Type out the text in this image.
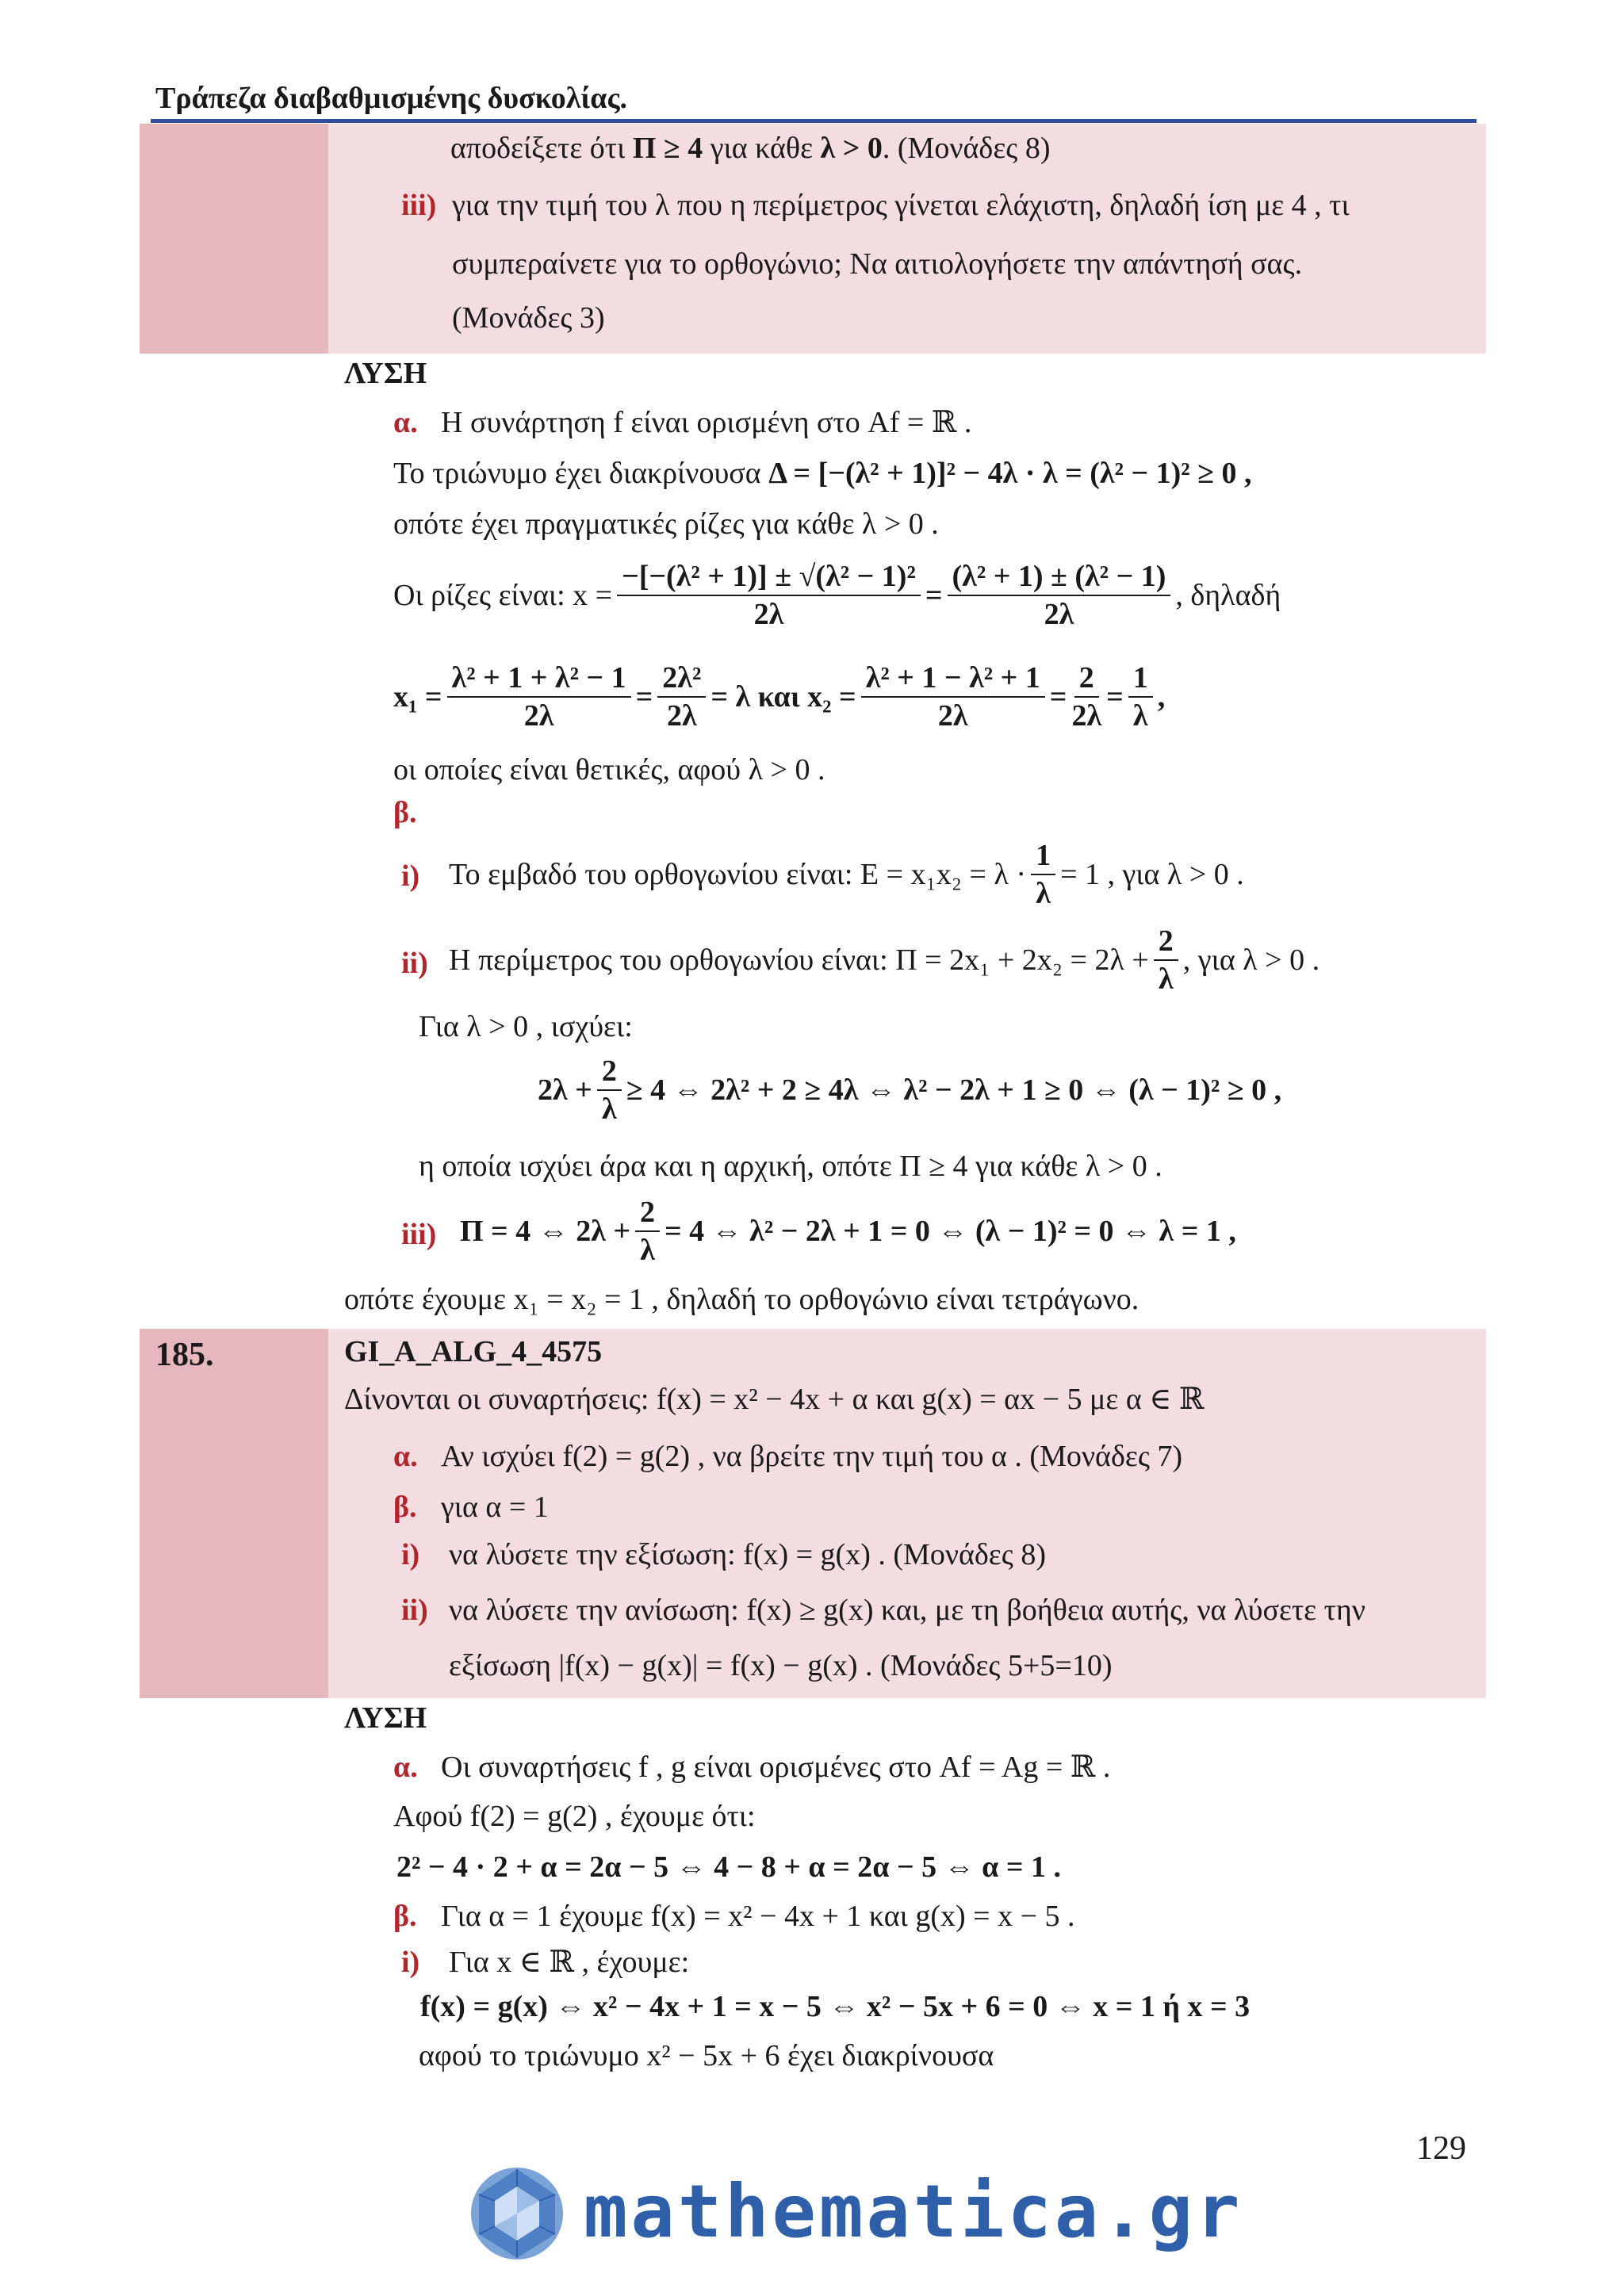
Τράπεζα διαβαθμισμένης δυσκολίας.
αποδείξετε ότι Π ≥ 4 για κάθε λ > 0. (Μονάδες 8)
iii) για την τιμή του λ που η περίμετρος γίνεται ελάχιστη, δηλαδή ίση με 4 , τι
συμπεραίνετε για το ορθογώνιο; Να αιτιολογήσετε την απάντησή σας.
(Μονάδες 3)
ΛΥΣΗ
α. Η συνάρτηση f είναι ορισμένη στο Af = ℝ .
Το τριώνυμο έχει διακρίνουσα Δ = [−(λ² + 1)]² − 4λ · λ = (λ² − 1)² ≥ 0 ,
οπότε έχει πραγματικές ρίζες για κάθε λ > 0 .
Οι ρίζες είναι: $x = \frac{\text{−[−(λ² + 1)] ± √(λ² − 1)²}}{2\lambda} = \frac{\text{(λ² + 1) ± (λ² − 1)}}{2\lambda}$ , δηλαδή
$x_1 = \frac{\text{λ² + 1 + λ² − 1}}{2\lambda} = \frac{\text{2λ²}}{2\lambda} = \lambda$ και $x_2 = \frac{\text{λ² + 1 − λ² + 1}}{2\lambda} = \frac{2}{2\lambda} = \frac{1}{\lambda}$ ,
οι οποίες είναι θετικές, αφού λ > 0 .
β.
i) Το εμβαδό του ορθογωνίου είναι: $E = x_1x_2 = \lambda \cdot \frac{1}{\lambda} = 1$ , για λ > 0 .
ii) Η περίμετρος του ορθογωνίου είναι: $\Pi = 2x_1 + 2x_2 = 2\lambda + \frac{2}{\lambda}$ , για λ > 0 .
Για λ > 0 , ισχύει:
$2\lambda + \frac{2}{\lambda} \ge 4$ ⇔ 2λ² + 2 ≥ 4λ ⇔ λ² − 2λ + 1 ≥ 0 ⇔ (λ − 1)² ≥ 0 ,
η οποία ισχύει άρα και η αρχική, οπότε Π ≥ 4 για κάθε λ > 0 .
iii) Π = 4 ⇔ $2\lambda + \frac{2}{\lambda} = 4$ ⇔ λ² − 2λ + 1 = 0 ⇔ (λ − 1)² = 0 ⇔ λ = 1 ,
οπότε έχουμε x₁ = x₂ = 1 , δηλαδή το ορθογώνιο είναι τετράγωνο.
185.	GI_A_ALG_4_4575
Δίνονται οι συναρτήσεις: f(x) = x² − 4x + α και g(x) = αx − 5 με α ∈ ℝ
α. Αν ισχύει f(2) = g(2) , να βρείτε την τιμή του α . (Μονάδες 7)
β. για α = 1
i) να λύσετε την εξίσωση: f(x) = g(x) . (Μονάδες 8)
ii) να λύσετε την ανίσωση: f(x) ≥ g(x) και, με τη βοήθεια αυτής, να λύσετε την
εξίσωση |f(x) − g(x)| = f(x) − g(x) . (Μονάδες 5+5=10)
ΛΥΣΗ
α. Οι συναρτήσεις f , g είναι ορισμένες στο Af = Ag = ℝ .
Αφού f(2) = g(2) , έχουμε ότι:
2² − 4 · 2 + α = 2α − 5 ⇔ 4 − 8 + α = 2α − 5 ⇔ α = 1 .
β. Για α = 1 έχουμε f(x) = x² − 4x + 1 και g(x) = x − 5 .
i) Για x ∈ ℝ , έχουμε:
f(x) = g(x) ⇔ x² − 4x + 1 = x − 5 ⇔ x² − 5x + 6 = 0 ⇔ x = 1 ή x = 3
αφού το τριώνυμο x² − 5x + 6 έχει διακρίνουσα
129
mathematica.gr
